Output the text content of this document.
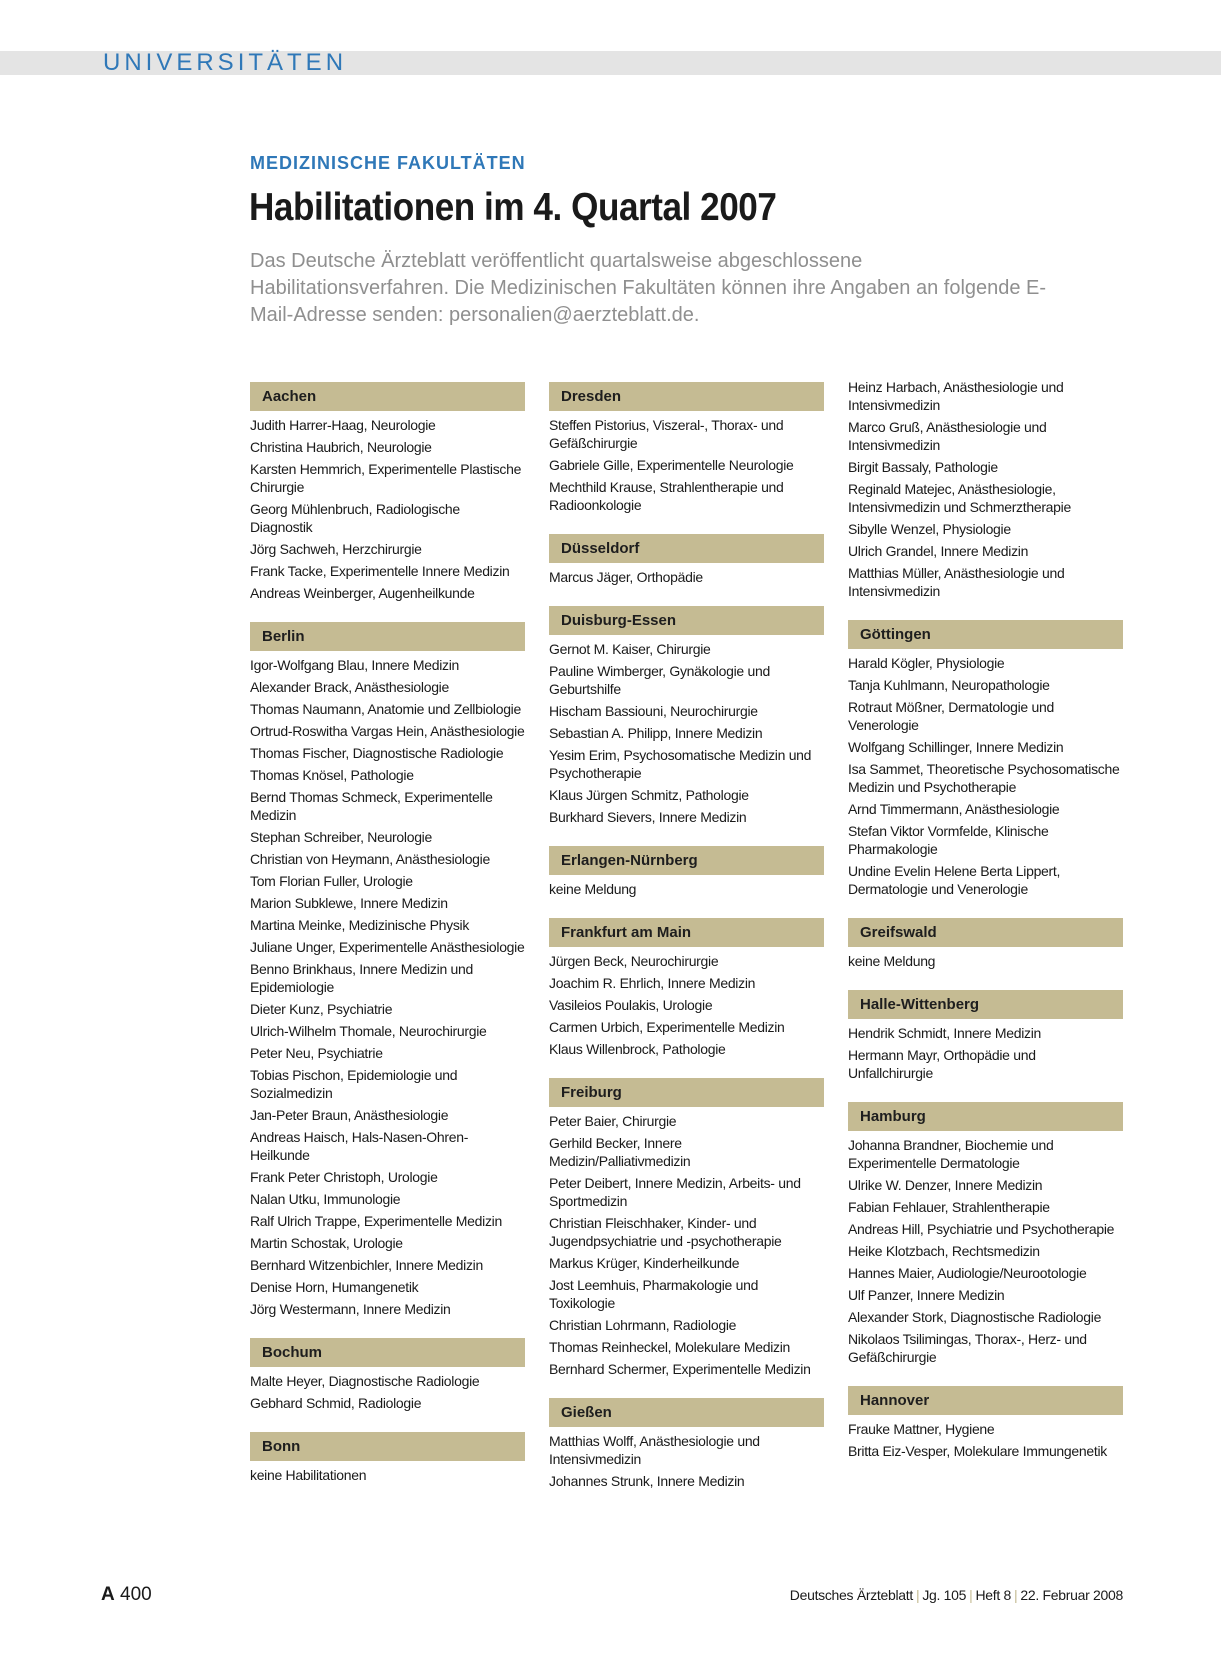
UNIVERSITÄTEN
MEDIZINISCHE FAKULTÄTEN
Habilitationen im 4. Quartal 2007

Das Deutsche Ärzteblatt veröffentlicht quartalsweise abgeschlossene Habilitationsverfahren. Die Medizinischen Fakultäten können ihre Angaben an folgende E-Mail-Adresse senden: personalien@aerzteblatt.de.

Aachen
Judith Harrer-Haag, Neurologie
Christina Haubrich, Neurologie
Karsten Hemmrich, Experimentelle Plastische Chirurgie
Georg Mühlenbruch, Radiologische Diagnostik
Jörg Sachweh, Herzchirurgie
Frank Tacke, Experimentelle Innere Medizin
Andreas Weinberger, Augenheilkunde
Berlin
Igor-Wolfgang Blau, Innere Medizin
Alexander Brack, Anästhesiologie
Thomas Naumann, Anatomie und Zellbiologie
Ortrud-Roswitha Vargas Hein, Anästhesiologie
Thomas Fischer, Diagnostische Radiologie
Thomas Knösel, Pathologie
Bernd Thomas Schmeck, Experimentelle Medizin
Stephan Schreiber, Neurologie
Christian von Heymann, Anästhesiologie
Tom Florian Fuller, Urologie
Marion Subklewe, Innere Medizin
Martina Meinke, Medizinische Physik
Juliane Unger, Experimentelle Anästhesiologie
Benno Brinkhaus, Innere Medizin und Epidemiologie
Dieter Kunz, Psychiatrie
Ulrich-Wilhelm Thomale, Neurochirurgie
Peter Neu, Psychiatrie
Tobias Pischon, Epidemiologie und Sozialmedizin
Jan-Peter Braun, Anästhesiologie
Andreas Haisch, Hals-Nasen-Ohren-Heilkunde
Frank Peter Christoph, Urologie
Nalan Utku, Immunologie
Ralf Ulrich Trappe, Experimentelle Medizin
Martin Schostak, Urologie
Bernhard Witzenbichler, Innere Medizin
Denise Horn, Humangenetik
Jörg Westermann, Innere Medizin
Bochum
Malte Heyer, Diagnostische Radiologie
Gebhard Schmid, Radiologie
Bonn
keine Habilitationen
Dresden
Steffen Pistorius, Viszeral-, Thorax- und Gefäßchirurgie
Gabriele Gille, Experimentelle Neurologie
Mechthild Krause, Strahlentherapie und Radioonkologie
Düsseldorf
Marcus Jäger, Orthopädie
Duisburg-Essen
Gernot M. Kaiser, Chirurgie
Pauline Wimberger, Gynäkologie und Geburtshilfe
Hischam Bassiouni, Neurochirurgie
Sebastian A. Philipp, Innere Medizin
Yesim Erim, Psychosomatische Medizin und Psychotherapie
Klaus Jürgen Schmitz, Pathologie
Burkhard Sievers, Innere Medizin
Erlangen-Nürnberg
keine Meldung
Frankfurt am Main
Jürgen Beck, Neurochirurgie
Joachim R. Ehrlich, Innere Medizin
Vasileios Poulakis, Urologie
Carmen Urbich, Experimentelle Medizin
Klaus Willenbrock, Pathologie
Freiburg
Peter Baier, Chirurgie
Gerhild Becker, Innere Medizin/Palliativmedizin
Peter Deibert, Innere Medizin, Arbeits- und Sportmedizin
Christian Fleischhaker, Kinder- und Jugendpsychiatrie und -psychotherapie
Markus Krüger, Kinderheilkunde
Jost Leemhuis, Pharmakologie und Toxikologie
Christian Lohrmann, Radiologie
Thomas Reinheckel, Molekulare Medizin
Bernhard Schermer, Experimentelle Medizin
Gießen
Matthias Wolff, Anästhesiologie und Intensivmedizin
Johannes Strunk, Innere Medizin
Heinz Harbach, Anästhesiologie und Intensivmedizin
Marco Gruß, Anästhesiologie und Intensivmedizin
Birgit Bassaly, Pathologie
Reginald Matejec, Anästhesiologie, Intensivmedizin und Schmerztherapie
Sibylle Wenzel, Physiologie
Ulrich Grandel, Innere Medizin
Matthias Müller, Anästhesiologie und Intensivmedizin
Göttingen
Harald Kögler, Physiologie
Tanja Kuhlmann, Neuropathologie
Rotraut Mößner, Dermatologie und Venerologie
Wolfgang Schillinger, Innere Medizin
Isa Sammet, Theoretische Psychosomatische Medizin und Psychotherapie
Arnd Timmermann, Anästhesiologie
Stefan Viktor Vormfelde, Klinische Pharmakologie
Undine Evelin Helene Berta Lippert, Dermatologie und Venerologie
Greifswald
keine Meldung
Halle-Wittenberg
Hendrik Schmidt, Innere Medizin
Hermann Mayr, Orthopädie und Unfallchirurgie
Hamburg
Johanna Brandner, Biochemie und Experimentelle Dermatologie
Ulrike W. Denzer, Innere Medizin
Fabian Fehlauer, Strahlentherapie
Andreas Hill, Psychiatrie und Psychotherapie
Heike Klotzbach, Rechtsmedizin
Hannes Maier, Audiologie/Neurootologie
Ulf Panzer, Innere Medizin
Alexander Stork, Diagnostische Radiologie
Nikolaos Tsilimingas, Thorax-, Herz- und Gefäßchirurgie
Hannover
Frauke Mattner, Hygiene
Britta Eiz-Vesper, Molekulare Immungenetik
A 400	Deutsches Ärzteblatt | Jg. 105 | Heft 8 | 22. Februar 2008
